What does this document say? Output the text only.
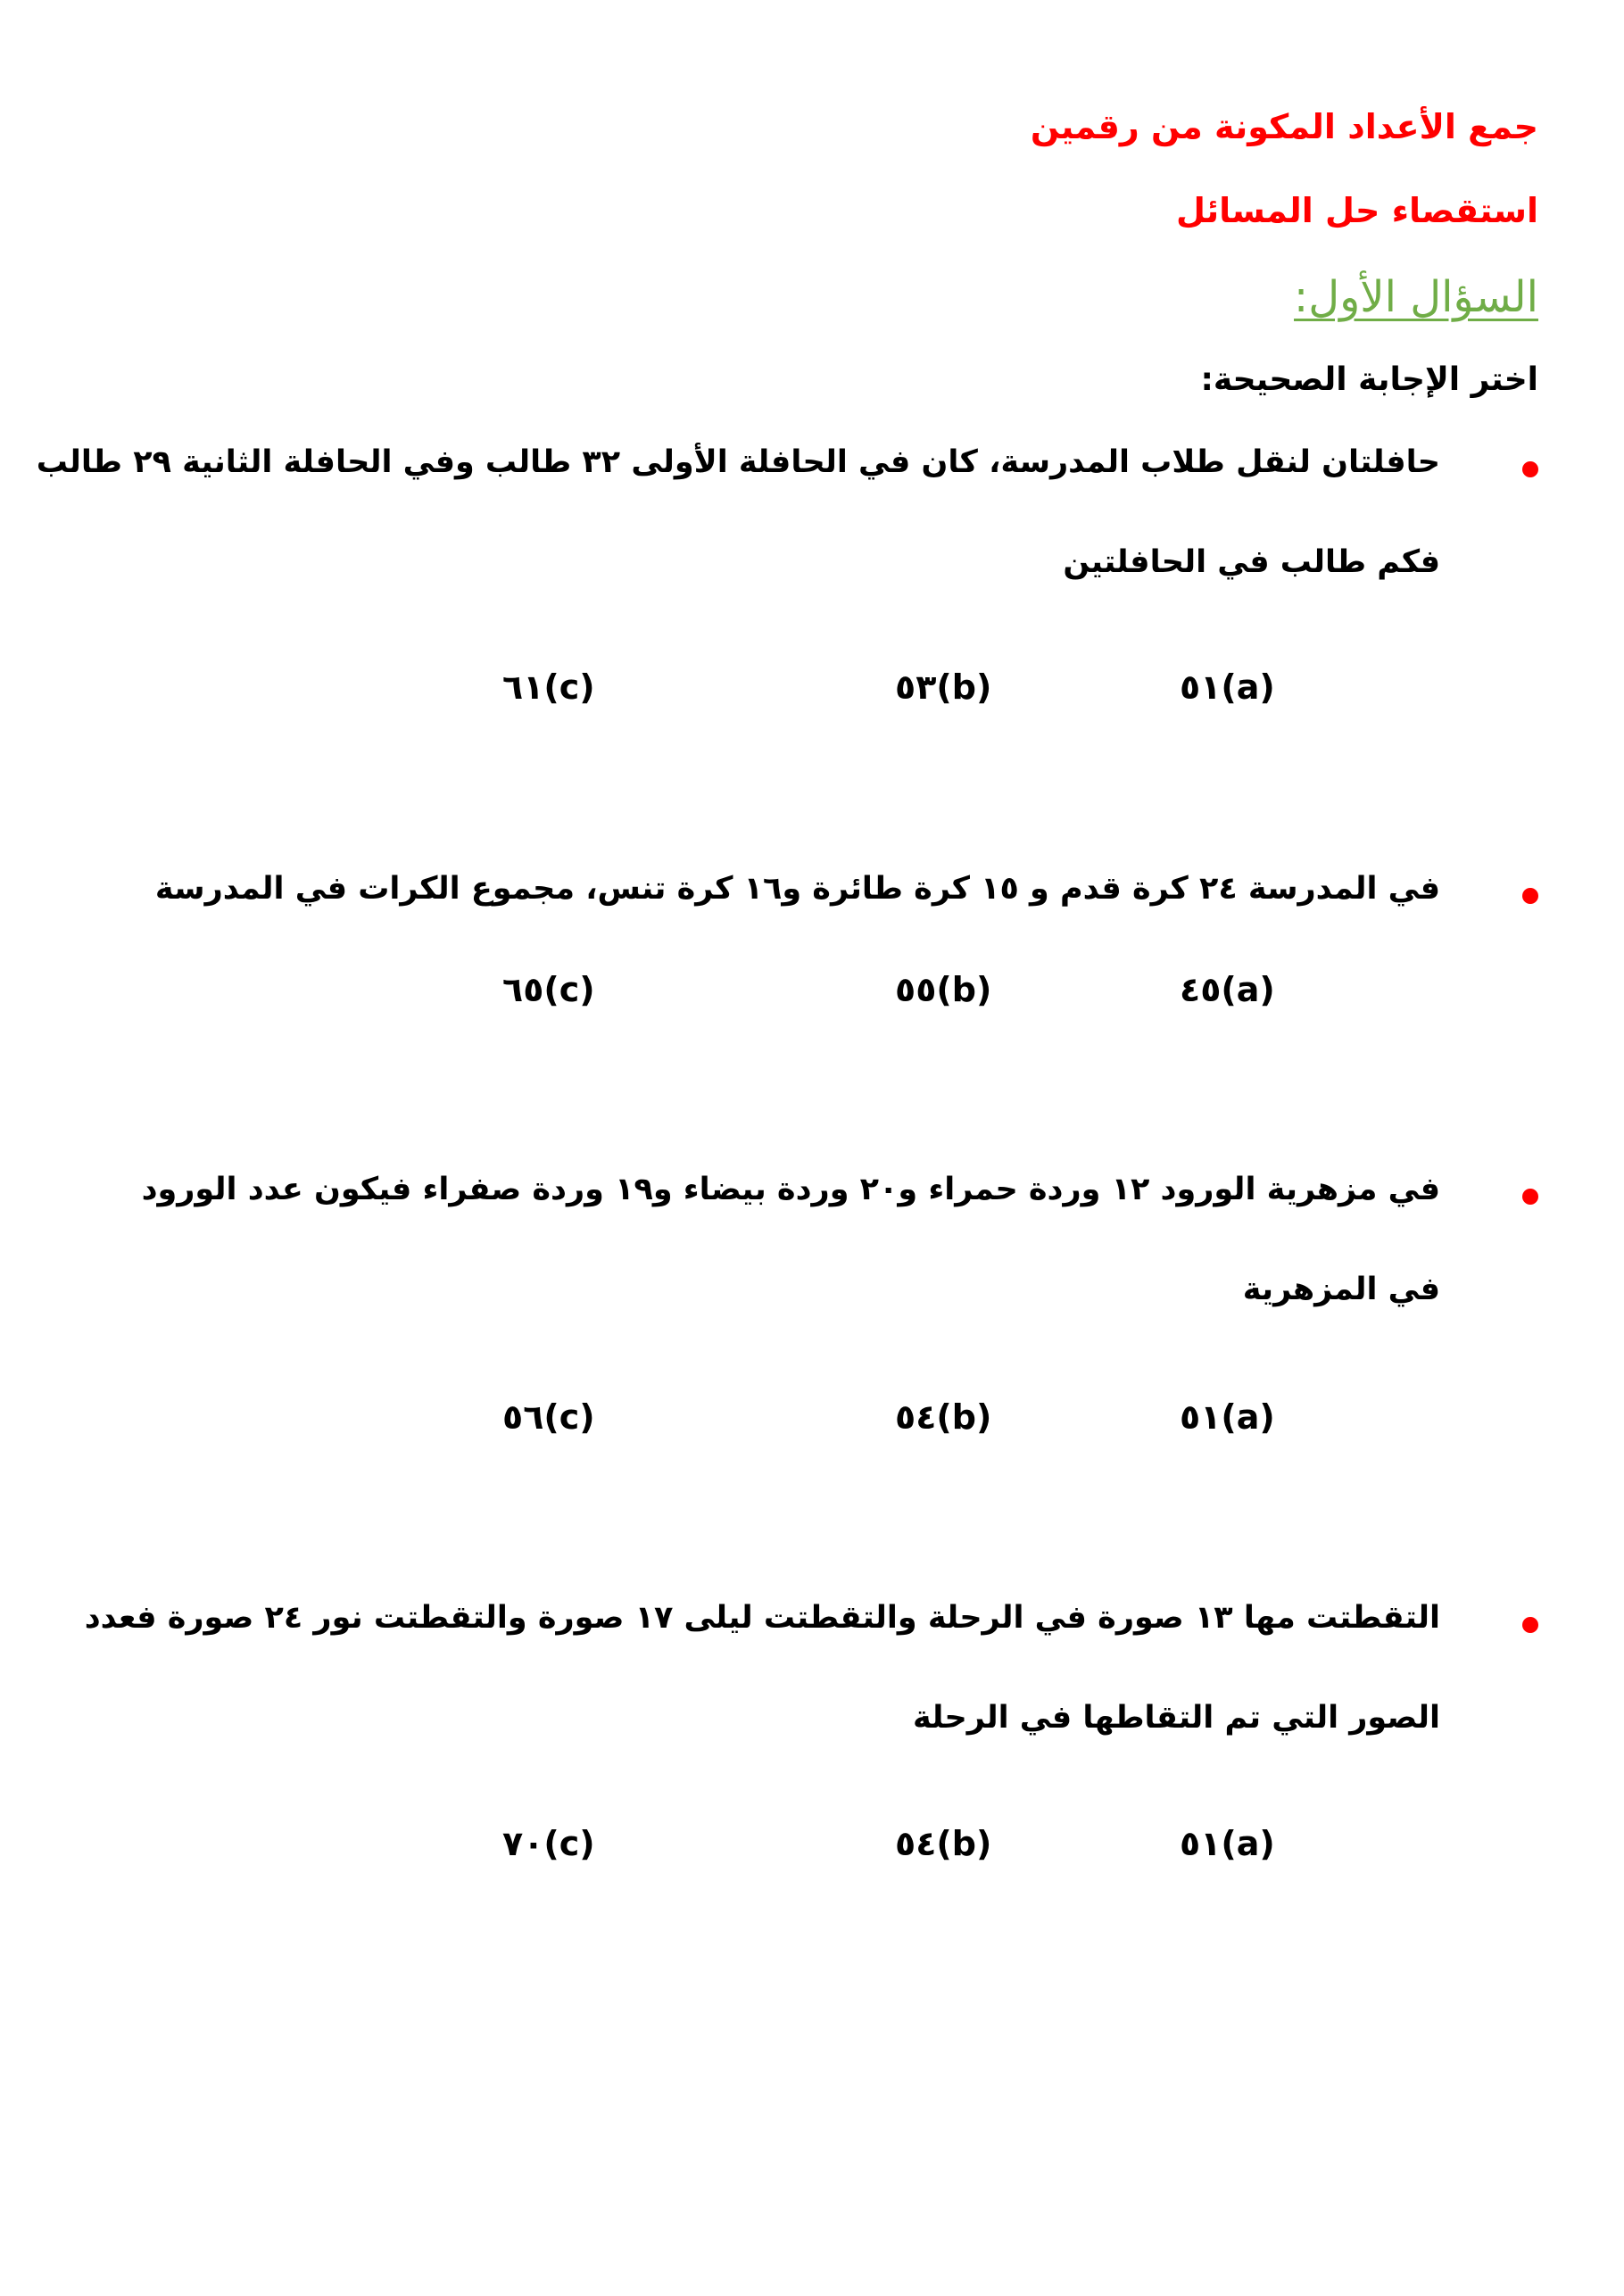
جمع الأعداد المكونة من رقمين
استقصاء حل المسائل
السؤال الأول:
اختر الإجابة الصحيحة:
حافلتان لنقل طلاب المدرسة، كان في الحافلة الأولى ٣٢ طالب وفي الحافلة الثانية ٢٩ طالب
فكم طالب في الحافلتين
٥١(a)
٥٣(b)
٦١(c)
في المدرسة ٢٤ كرة قدم و ١٥ كرة طائرة و١٦ كرة تنس، مجموع الكرات في المدرسة
٤٥(a)
٥٥(b)
٦٥(c)
في مزهرية الورود ١٢ وردة حمراء و٢٠ وردة بيضاء و١٩ وردة صفراء فيكون عدد الورود
في المزهرية
٥١(a)
٥٤(b)
٥٦(c)
التقطتت مها ١٣ صورة في الرحلة والتقطتت ليلى ١٧ صورة والتقطتت نور ٢٤ صورة فعدد
الصور التي تم التقاطها في الرحلة
٥١(a)
٥٤(b)
٧٠(c)
